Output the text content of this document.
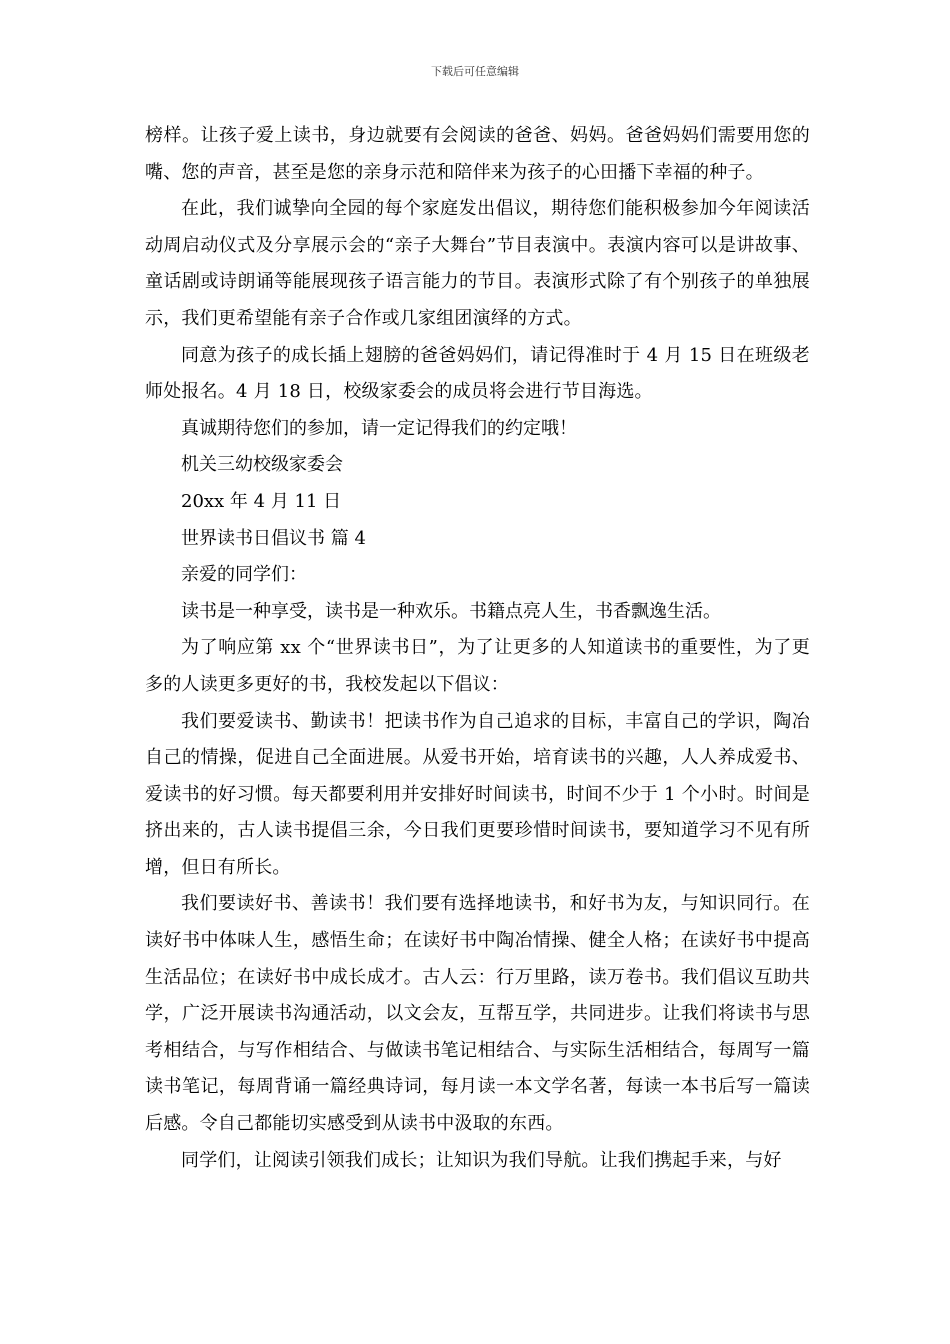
下载后可任意编辑

榜样。让孩子爱上读书，身边就要有会阅读的爸爸、妈妈。爸爸妈妈们需要用您的嘴、您的声音，甚至是您的亲身示范和陪伴来为孩子的心田播下幸福的种子。

在此，我们诚挚向全园的每个家庭发出倡议，期待您们能积极参加今年阅读活动周启动仪式及分享展示会的“亲子大舞台”节目表演中。表演内容可以是讲故事、童话剧或诗朗诵等能展现孩子语言能力的节目。表演形式除了有个别孩子的单独展示，我们更希望能有亲子合作或几家组团演绎的方式。

同意为孩子的成长插上翅膀的爸爸妈妈们，请记得准时于 4 月 15 日在班级老师处报名。4 月 18 日，校级家委会的成员将会进行节目海选。

真诚期待您们的参加，请一定记得我们的约定哦！

机关三幼校级家委会

20xx 年 4 月 11 日

世界读书日倡议书 篇 4

亲爱的同学们：

读书是一种享受，读书是一种欢乐。书籍点亮人生，书香飘逸生活。

为了响应第 xx 个“世界读书日”，为了让更多的人知道读书的重要性，为了更多的人读更多更好的书，我校发起以下倡议：

我们要爱读书、勤读书！把读书作为自己追求的目标，丰富自己的学识，陶冶自己的情操，促进自己全面进展。从爱书开始，培育读书的兴趣，人人养成爱书、爱读书的好习惯。每天都要利用并安排好时间读书，时间不少于 1 个小时。时间是挤出来的，古人读书提倡三余，今日我们更要珍惜时间读书，要知道学习不见有所增，但日有所长。

我们要读好书、善读书！我们要有选择地读书，和好书为友，与知识同行。在读好书中体味人生，感悟生命；在读好书中陶冶情操、健全人格；在读好书中提高生活品位；在读好书中成长成才。古人云：行万里路，读万卷书。我们倡议互助共学，广泛开展读书沟通活动，以文会友，互帮互学，共同进步。让我们将读书与思考相结合，与写作相结合、与做读书笔记相结合、与实际生活相结合，每周写一篇读书笔记，每周背诵一篇经典诗词，每月读一本文学名著，每读一本书后写一篇读后感。令自己都能切实感受到从读书中汲取的东西。

同学们，让阅读引领我们成长；让知识为我们导航。让我们携起手来，与好
